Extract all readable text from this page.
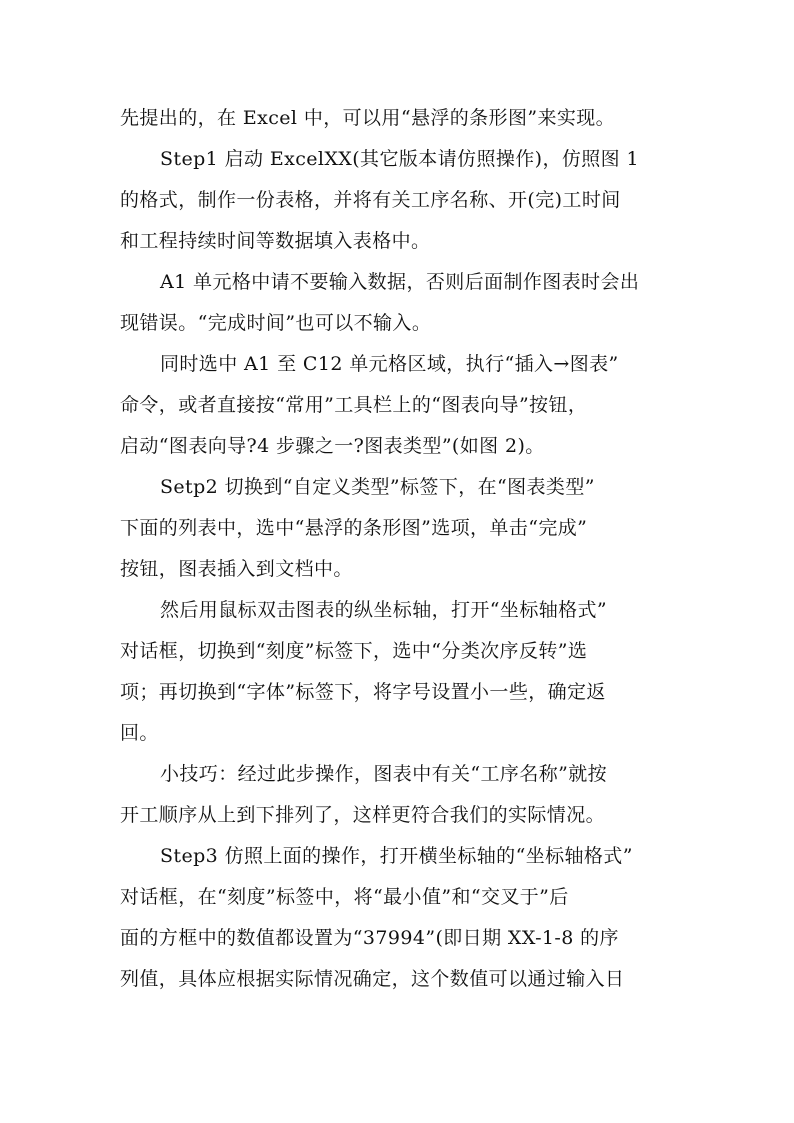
先提出的，在 Excel 中，可以用“悬浮的条形图”来实现。
Step1 启动 ExcelXX(其它版本请仿照操作)，仿照图 1
的格式，制作一份表格，并将有关工序名称、开(完)工时间
和工程持续时间等数据填入表格中。
A1 单元格中请不要输入数据，否则后面制作图表时会出
现错误。“完成时间”也可以不输入。
同时选中 A1 至 C12 单元格区域，执行“插入→图表”
命令，或者直接按“常用”工具栏上的“图表向导”按钮，
启动“图表向导?4 步骤之一?图表类型”(如图 2)。
Setp2 切换到“自定义类型”标签下，在“图表类型”
下面的列表中，选中“悬浮的条形图”选项，单击“完成”
按钮，图表插入到文档中。
然后用鼠标双击图表的纵坐标轴，打开“坐标轴格式”
对话框，切换到“刻度”标签下，选中“分类次序反转”选
项；再切换到“字体”标签下，将字号设置小一些，确定返
回。
小技巧：经过此步操作，图表中有关“工序名称”就按
开工顺序从上到下排列了，这样更符合我们的实际情况。
Step3 仿照上面的操作，打开横坐标轴的“坐标轴格式”
对话框，在“刻度”标签中，将“最小值”和“交叉于”后
面的方框中的数值都设置为“37994”(即日期 XX-1-8 的序
列值，具体应根据实际情况确定，这个数值可以通过输入日
